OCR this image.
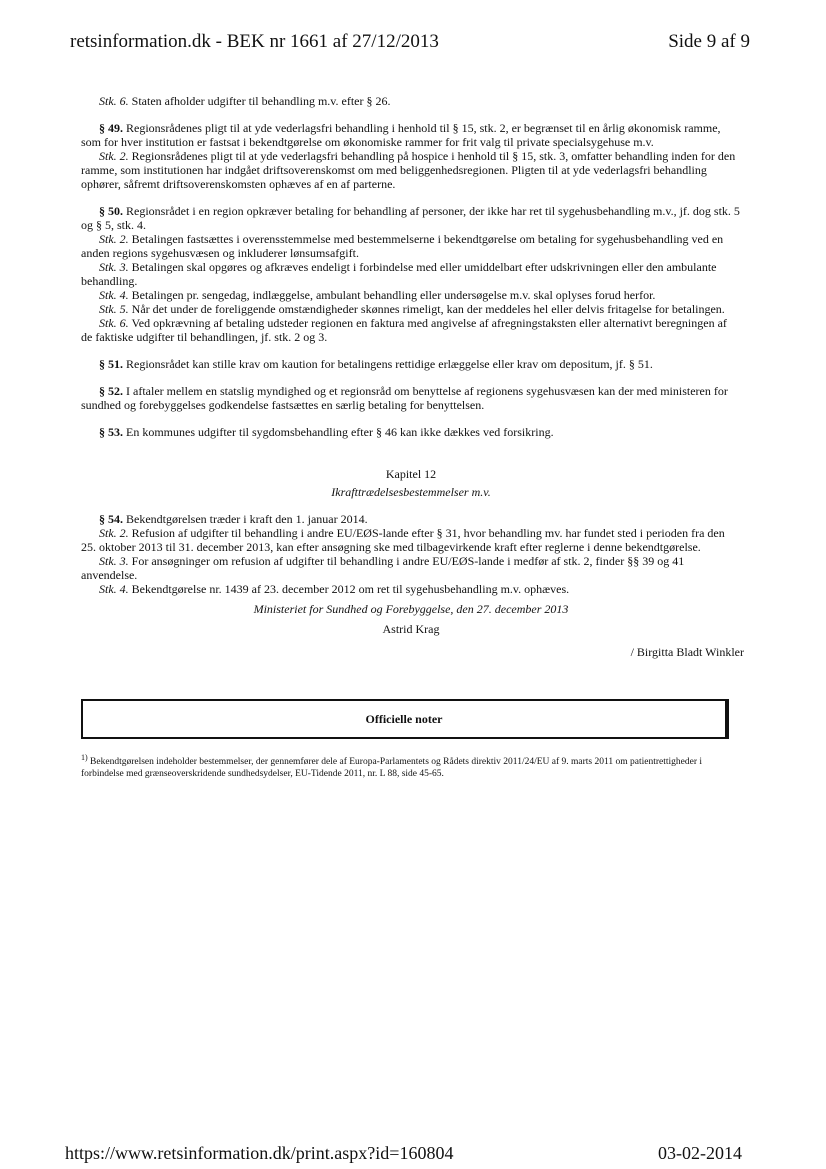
retsinformation.dk - BEK nr 1661 af 27/12/2013	Side 9 af 9

Stk. 6. Staten afholder udgifter til behandling m.v. efter § 26.

§ 49. Regionsrådenes pligt til at yde vederlagsfri behandling i henhold til § 15, stk. 2, er begrænset til en årlig økonomisk ramme, som for hver institution er fastsat i bekendtgørelse om økonomiske rammer for frit valg til private specialsygehuse m.v.

Stk. 2. Regionsrådenes pligt til at yde vederlagsfri behandling på hospice i henhold til § 15, stk. 3, omfatter behandling inden for den ramme, som institutionen har indgået driftsoverenskomst om med beliggenhedsregionen. Pligten til at yde vederlagsfri behandling ophører, såfremt driftsoverenskomsten ophæves af en af parterne.

§ 50. Regionsrådet i en region opkræver betaling for behandling af personer, der ikke har ret til sygehusbehandling m.v., jf. dog stk. 5 og § 5, stk. 4.

Stk. 2. Betalingen fastsættes i overensstemmelse med bestemmelserne i bekendtgørelse om betaling for sygehusbehandling ved en anden regions sygehusvæsen og inkluderer lønsumsafgift.

Stk. 3. Betalingen skal opgøres og afkræves endeligt i forbindelse med eller umiddelbart efter udskrivningen eller den ambulante behandling.

Stk. 4. Betalingen pr. sengedag, indlæggelse, ambulant behandling eller undersøgelse m.v. skal oplyses forud herfor.

Stk. 5. Når det under de foreliggende omstændigheder skønnes rimeligt, kan der meddeles hel eller delvis fritagelse for betalingen.

Stk. 6. Ved opkrævning af betaling udsteder regionen en faktura med angivelse af afregningstaksten eller alternativt beregningen af de faktiske udgifter til behandlingen, jf. stk. 2 og 3.

§ 51. Regionsrådet kan stille krav om kaution for betalingens rettidige erlæggelse eller krav om depositum, jf. § 51.

§ 52. I aftaler mellem en statslig myndighed og et regionsråd om benyttelse af regionens sygehusvæsen kan der med ministeren for sundhed og forebyggelses godkendelse fastsættes en særlig betaling for benyttelsen.

§ 53. En kommunes udgifter til sygdomsbehandling efter § 46 kan ikke dækkes ved forsikring.

Kapitel 12
Ikrafttrædelsesbestemmelser m.v.

§ 54. Bekendtgørelsen træder i kraft den 1. januar 2014.

Stk. 2. Refusion af udgifter til behandling i andre EU/EØS-lande efter § 31, hvor behandling mv. har fundet sted i perioden fra den 25. oktober 2013 til 31. december 2013, kan efter ansøgning ske med tilbagevirkende kraft efter reglerne i denne bekendtgørelse.

Stk. 3. For ansøgninger om refusion af udgifter til behandling i andre EU/EØS-lande i medfør af stk. 2, finder §§ 39 og 41 anvendelse.

Stk. 4. Bekendtgørelse nr. 1439 af 23. december 2012 om ret til sygehusbehandling m.v. ophæves.

Ministeriet for Sundhed og Forebyggelse, den 27. december 2013
Astrid Krag
/ Birgitta Bladt Winkler
Officielle noter
$^{1)}$ Bekendtgørelsen indeholder bestemmelser, der gennemfører dele af Europa-Parlamentets og Rådets direktiv 2011/24/EU af 9. marts 2011 om patientrettigheder i forbindelse med grænseoverskridende sundhedsydelser, EU-Tidende 2011, nr. L 88, side 45-65.
https://www.retsinformation.dk/print.aspx?id=160804	03-02-2014
